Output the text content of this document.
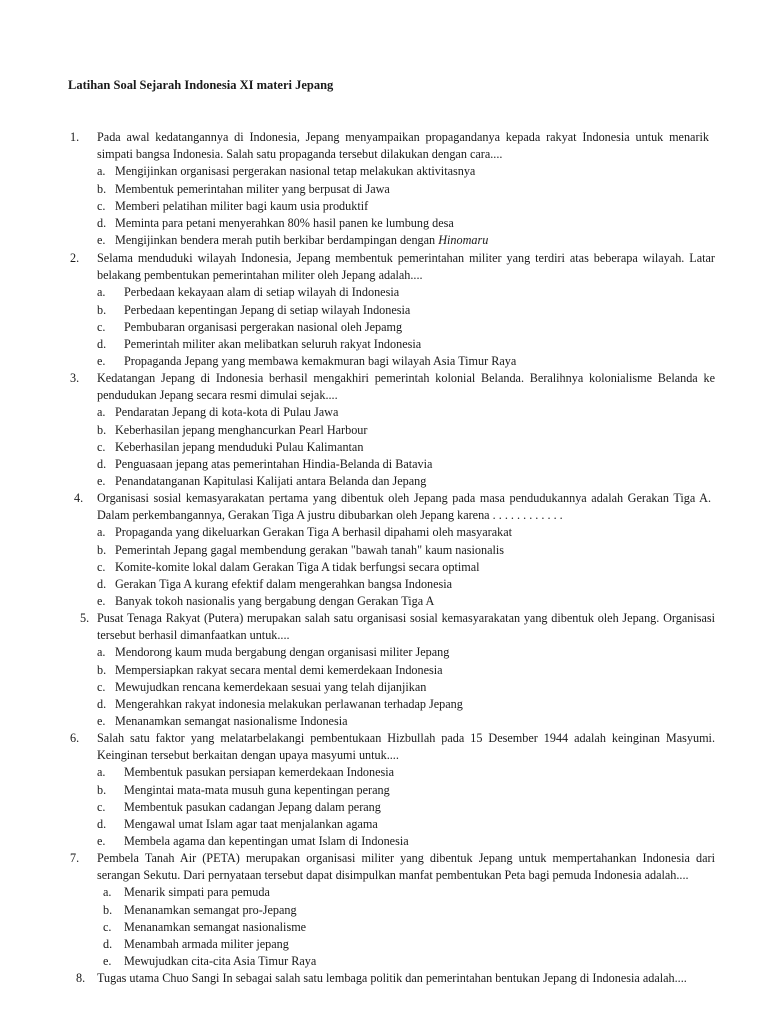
Latihan Soal Sejarah Indonesia XI materi Jepang
1. Pada awal kedatangannya di Indonesia, Jepang menyampaikan propagandanya kepada rakyat Indonesia untuk menarik simpati bangsa Indonesia. Salah satu propaganda tersebut dilakukan dengan cara....
a. Mengijinkan organisasi pergerakan nasional tetap melakukan aktivitasnya
b. Membentuk pemerintahan militer yang berpusat di Jawa
c. Memberi pelatihan militer bagi kaum usia produktif
d. Meminta para petani menyerahkan 80% hasil panen ke lumbung desa
e. Mengijinkan bendera merah putih berkibar berdampingan dengan Hinomaru
2. Selama menduduki wilayah Indonesia, Jepang membentuk pemerintahan militer yang terdiri atas beberapa wilayah. Latar belakang pembentukan pemerintahan militer oleh Jepang adalah....
a. Perbedaan kekayaan alam di setiap wilayah di Indonesia
b. Perbedaan kepentingan Jepang di setiap wilayah Indonesia
c. Pembubaran organisasi pergerakan nasional oleh Jepamg
d. Pemerintah militer akan melibatkan seluruh rakyat Indonesia
e. Propaganda Jepang yang membawa kemakmuran bagi wilayah Asia Timur Raya
3. Kedatangan Jepang di Indonesia berhasil mengakhiri pemerintah kolonial Belanda. Beralihnya kolonialisme Belanda ke pendudukan Jepang secara resmi dimulai sejak....
a. Pendaratan Jepang di kota-kota di Pulau Jawa
b. Keberhasilan jepang menghancurkan Pearl Harbour
c. Keberhasilan jepang menduduki Pulau Kalimantan
d. Penguasaan jepang atas pemerintahan Hindia-Belanda di Batavia
e. Penandatanganan Kapitulasi Kalijati antara Belanda dan Jepang
4. Organisasi sosial kemasyarakatan pertama yang dibentuk oleh Jepang pada masa pendudukannya adalah Gerakan Tiga A. Dalam perkembangannya, Gerakan Tiga A justru dibubarkan oleh Jepang karena . . . . . . . . . . . .
a. Propaganda yang dikeluarkan Gerakan Tiga A berhasil dipahami oleh masyarakat
b. Pemerintah Jepang gagal membendung gerakan "bawah tanah" kaum nasionalis
c. Komite-komite lokal dalam Gerakan Tiga A tidak berfungsi secara optimal
d. Gerakan Tiga A kurang efektif dalam mengerahkan bangsa Indonesia
e. Banyak tokoh nasionalis yang bergabung dengan Gerakan Tiga A
5. Pusat Tenaga Rakyat (Putera) merupakan salah satu organisasi sosial kemasyarakatan yang dibentuk oleh Jepang. Organisasi tersebut berhasil dimanfaatkan untuk....
a. Mendorong kaum muda bergabung dengan organisasi militer Jepang
b. Mempersiapkan rakyat secara mental demi kemerdekaan Indonesia
c. Mewujudkan rencana kemerdekaan sesuai yang telah dijanjikan
d. Mengerahkan rakyat indonesia melakukan perlawanan terhadap Jepang
e. Menanamkan semangat nasionalisme Indonesia
6. Salah satu faktor yang melatarbelakangi pembentukaan Hizbullah pada 15 Desember 1944 adalah keinginan Masyumi. Keinginan tersebut berkaitan dengan upaya masyumi untuk....
a. Membentuk pasukan persiapan kemerdekaan Indonesia
b. Mengintai mata-mata musuh guna kepentingan perang
c. Membentuk pasukan cadangan Jepang dalam perang
d. Mengawal umat Islam agar taat menjalankan agama
e. Membela agama dan kepentingan umat Islam di Indonesia
7. Pembela Tanah Air (PETA) merupakan organisasi militer yang dibentuk Jepang untuk mempertahankan Indonesia dari serangan Sekutu. Dari pernyataan tersebut dapat disimpulkan manfat pembentukan Peta bagi pemuda Indonesia adalah....
a. Menarik simpati para pemuda
b. Menanamkan semangat pro-Jepang
c. Menanamkan semangat nasionalisme
d. Menambah armada militer jepang
e. Mewujudkan cita-cita Asia Timur Raya
8. Tugas utama Chuo Sangi In sebagai salah satu lembaga politik dan pemerintahan bentukan Jepang di Indonesia adalah....
